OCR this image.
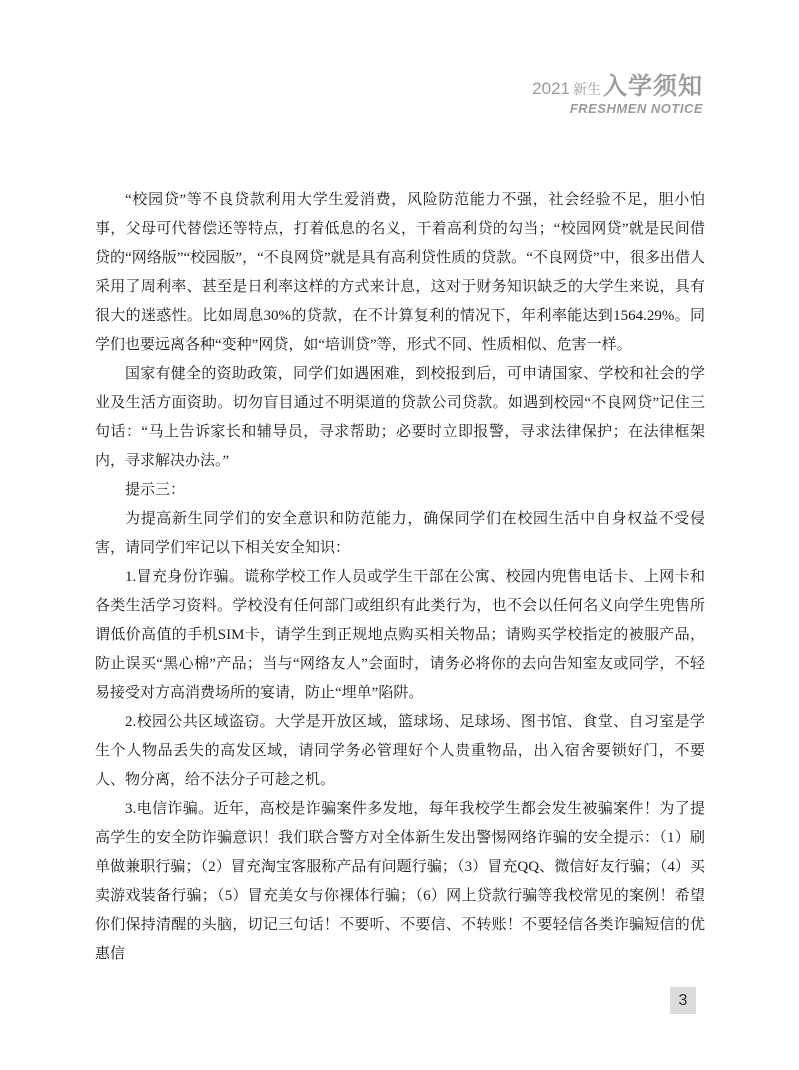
2021 新生入学须知
FRESHMEN NOTICE

“校园贷”等不良贷款利用大学生爱消费，风险防范能力不强，社会经验不足，胆小怕事，父母可代替偿还等特点，打着低息的名义，干着高利贷的勾当；“校园网贷”就是民间借贷的“网络版”“校园版”，“不良网贷”就是具有高利贷性质的贷款。“不良网贷”中，很多出借人采用了周利率、甚至是日利率这样的方式来计息，这对于财务知识缺乏的大学生来说，具有很大的迷惑性。比如周息30%的贷款，在不计算复利的情况下，年利率能达到1564.29%。同学们也要远离各种“变种”网贷，如“培训贷”等，形式不同、性质相似、危害一样。

国家有健全的资助政策，同学们如遇困难，到校报到后，可申请国家、学校和社会的学业及生活方面资助。切勿盲目通过不明渠道的贷款公司贷款。如遇到校园“不良网贷”记住三句话：“马上告诉家长和辅导员，寻求帮助；必要时立即报警，寻求法律保护；在法律框架内，寻求解决办法。”

提示三：

为提高新生同学们的安全意识和防范能力，确保同学们在校园生活中自身权益不受侵害，请同学们牢记以下相关安全知识：

1.冒充身份诈骗。谎称学校工作人员或学生干部在公寓、校园内兜售电话卡、上网卡和各类生活学习资料。学校没有任何部门或组织有此类行为，也不会以任何名义向学生兜售所谓低价高值的手机SIM卡，请学生到正规地点购买相关物品；请购买学校指定的被服产品，防止误买“黑心棉”产品；当与“网络友人”会面时，请务必将你的去向告知室友或同学，不轻易接受对方高消费场所的宴请，防止“埋单”陷阱。

2.校园公共区域盗窃。大学是开放区域，篮球场、足球场、图书馆、食堂、自习室是学生个人物品丢失的高发区域，请同学务必管理好个人贵重物品，出入宿舍要锁好门，不要人、物分离，给不法分子可趁之机。

3.电信诈骗。近年，高校是诈骗案件多发地，每年我校学生都会发生被骗案件！为了提高学生的安全防诈骗意识！我们联合警方对全体新生发出警惕网络诈骗的安全提示：（1）刷单做兼职行骗；（2）冒充淘宝客服称产品有问题行骗；（3）冒充QQ、微信好友行骗；（4）买卖游戏装备行骗；（5）冒充美女与你裸体行骗；（6）网上贷款行骗等我校常见的案例！希望你们保持清醒的头脑，切记三句话！不要听、不要信、不转账！不要轻信各类诈骗短信的优惠信

3
